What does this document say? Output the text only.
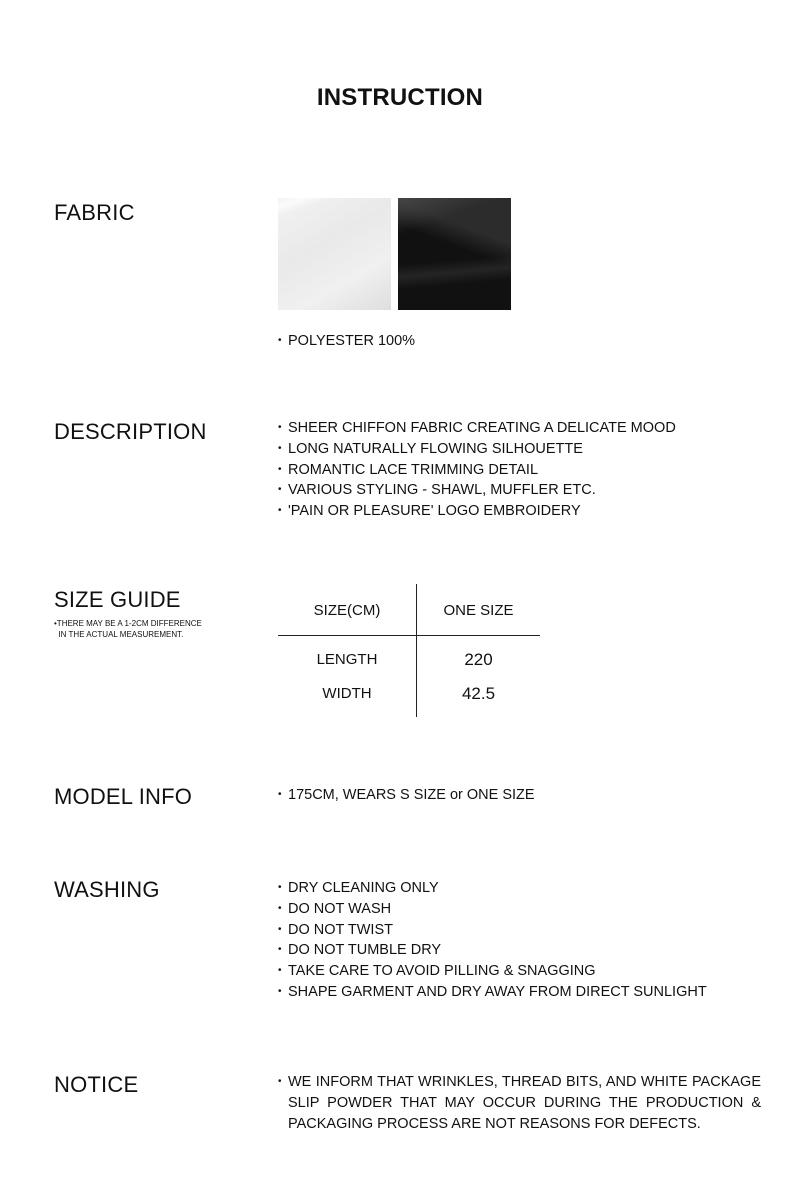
INSTRUCTION
FABRIC
• POLYESTER 100%
DESCRIPTION	• SHEER CHIFFON FABRIC CREATING A DELICATE MOOD
• LONG NATURALLY FLOWING SILHOUETTE
• ROMANTIC LACE TRIMMING DETAIL
• VARIOUS STYLING - SHAWL, MUFFLER ETC.
• 'PAIN OR PLEASURE' LOGO EMBROIDERY
SIZE GUIDE
•THERE MAY BE A 1-2CM DIFFERENCE
IN THE ACTUAL MEASUREMENT.
SIZE(CM)	ONE SIZE
LENGTH	220
WIDTH	42.5
MODEL INFO	• 175CM, WEARS S SIZE or ONE SIZE
WASHING	• DRY CLEANING ONLY
• DO NOT WASH
• DO NOT TWIST
• DO NOT TUMBLE DRY
• TAKE CARE TO AVOID PILLING & SNAGGING
• SHAPE GARMENT AND DRY AWAY FROM DIRECT SUNLIGHT
NOTICE	• WE INFORM THAT WRINKLES, THREAD BITS, AND WHITE PACKAGE SLIP POWDER THAT MAY OCCUR DURING THE PRODUCTION & PACKAGING PROCESS ARE NOT REASONS FOR DEFECTS.
